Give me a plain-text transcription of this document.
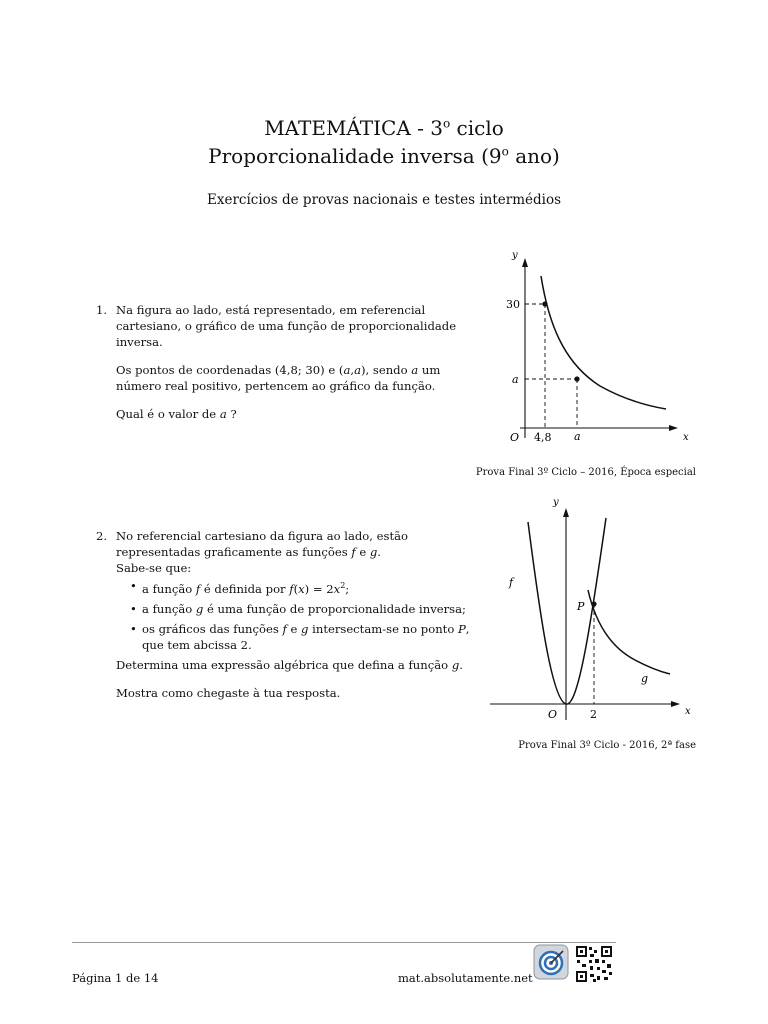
MATEMÁTICA - 3$^o$ ciclo
Proporcionalidade inversa (9$^o$ ano)
Exercícios de provas nacionais e testes intermédios
1. Na figura ao lado, está representado, em referencial cartesiano, o gráfico de uma função de proporcionalidade inversa.

Os pontos de coordenadas (4,8; 30) e (a,a), sendo a um número real positivo, pertencem ao gráfico da função.

Qual é o valor de a ?

y
x
O 4,8 a
30
a
Prova Final 3º Ciclo – 2016, Época especial
2. No referencial cartesiano da figura ao lado, estão representadas graficamente as funções f e g.

Sabe-se que:

• a função f é definida por $f(x) = 2x^2$;
• a função g é uma função de proporcionalidade inversa;
• os gráficos das funções f e g intersectam-se no ponto P, que tem abcissa 2.

Determina uma expressão algébrica que defina a função g.

Mostra como chegaste à tua resposta.

y
x
O	2
f
g
P
Prova Final 3º Ciclo - 2016, 2ª fase
Página 1 de 14	mat.absolutamente.net
